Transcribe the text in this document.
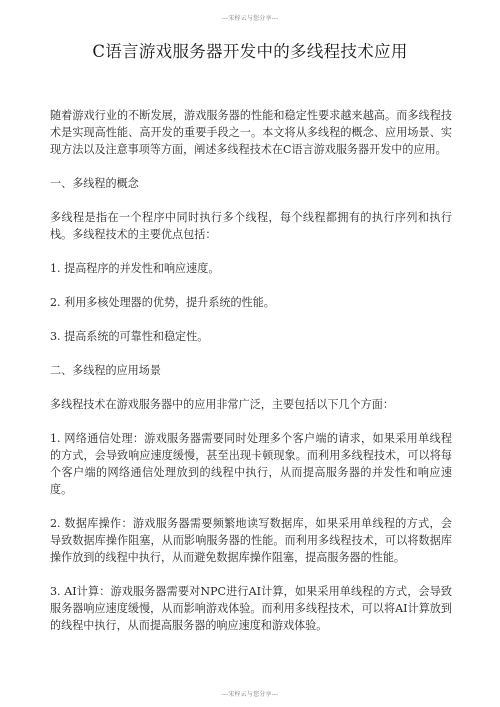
---宋梓云与您分享---
C语言游戏服务器开发中的多线程技术应用

随着游戏行业的不断发展，游戏服务器的性能和稳定性要求越来越高。而多线程技术是实现高性能、高开发的重要手段之一。本文将从多线程的概念、应用场景、实现方法以及注意事项等方面，阐述多线程技术在C语言游戏服务器开发中的应用。

一、多线程的概念

多线程是指在一个程序中同时执行多个线程，每个线程都拥有的执行序列和执行栈。多线程技术的主要优点包括：

1. 提高程序的并发性和响应速度。

2. 利用多核处理器的优势，提升系统的性能。

3. 提高系统的可靠性和稳定性。

二、多线程的应用场景

多线程技术在游戏服务器中的应用非常广泛，主要包括以下几个方面：

1. 网络通信处理：游戏服务器需要同时处理多个客户端的请求，如果采用单线程的方式，会导致响应速度缓慢，甚至出现卡顿现象。而利用多线程技术，可以将每个客户端的网络通信处理放到的线程中执行，从而提高服务器的并发性和响应速度。

2. 数据库操作：游戏服务器需要频繁地读写数据库，如果采用单线程的方式，会导致数据库操作阻塞，从而影响服务器的性能。而利用多线程技术，可以将数据库操作放到的线程中执行，从而避免数据库操作阻塞，提高服务器的性能。

3. AI计算：游戏服务器需要对NPC进行AI计算，如果采用单线程的方式，会导致服务器响应速度缓慢，从而影响游戏体验。而利用多线程技术，可以将AI计算放到的线程中执行，从而提高服务器的响应速度和游戏体验。

---宋梓云与您分享---
